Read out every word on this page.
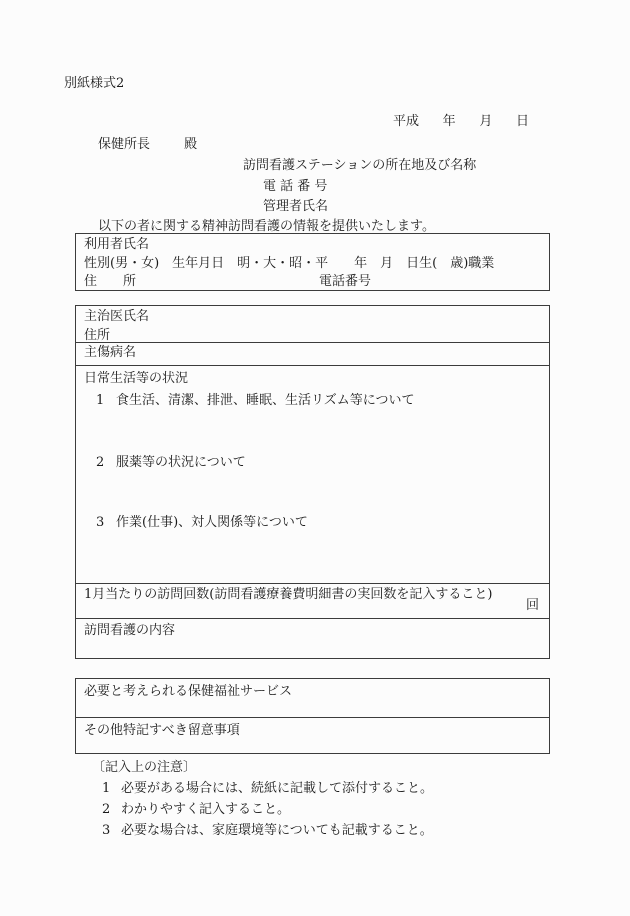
別紙様式2
平成 年 月 日
保健所長	殿
訪問看護ステーションの所在地及び名称
電 話 番 号
管理者氏名
以下の者に関する精神訪問看護の情報を提供いたします。
利用者氏名
性別(男・女)　生年月日　明・大・昭・平　　年　月　日生(　歳)職業
住　　所	電話番号
主治医氏名
住所
主傷病名
日常生活等の状況
1 食生活、清潔、排泄、睡眠、生活リズム等について
2 服薬等の状況について
3 作業(仕事)、対人関係等について
1月当たりの訪問回数(訪問看護療養費明細書の実回数を記入すること)
回
訪問看護の内容
必要と考えられる保健福祉サービス
その他特記すべき留意事項
〔記入上の注意〕
1 必要がある場合には、続紙に記載して添付すること。
2 わかりやすく記入すること。
3 必要な場合は、家庭環境等についても記載すること。
